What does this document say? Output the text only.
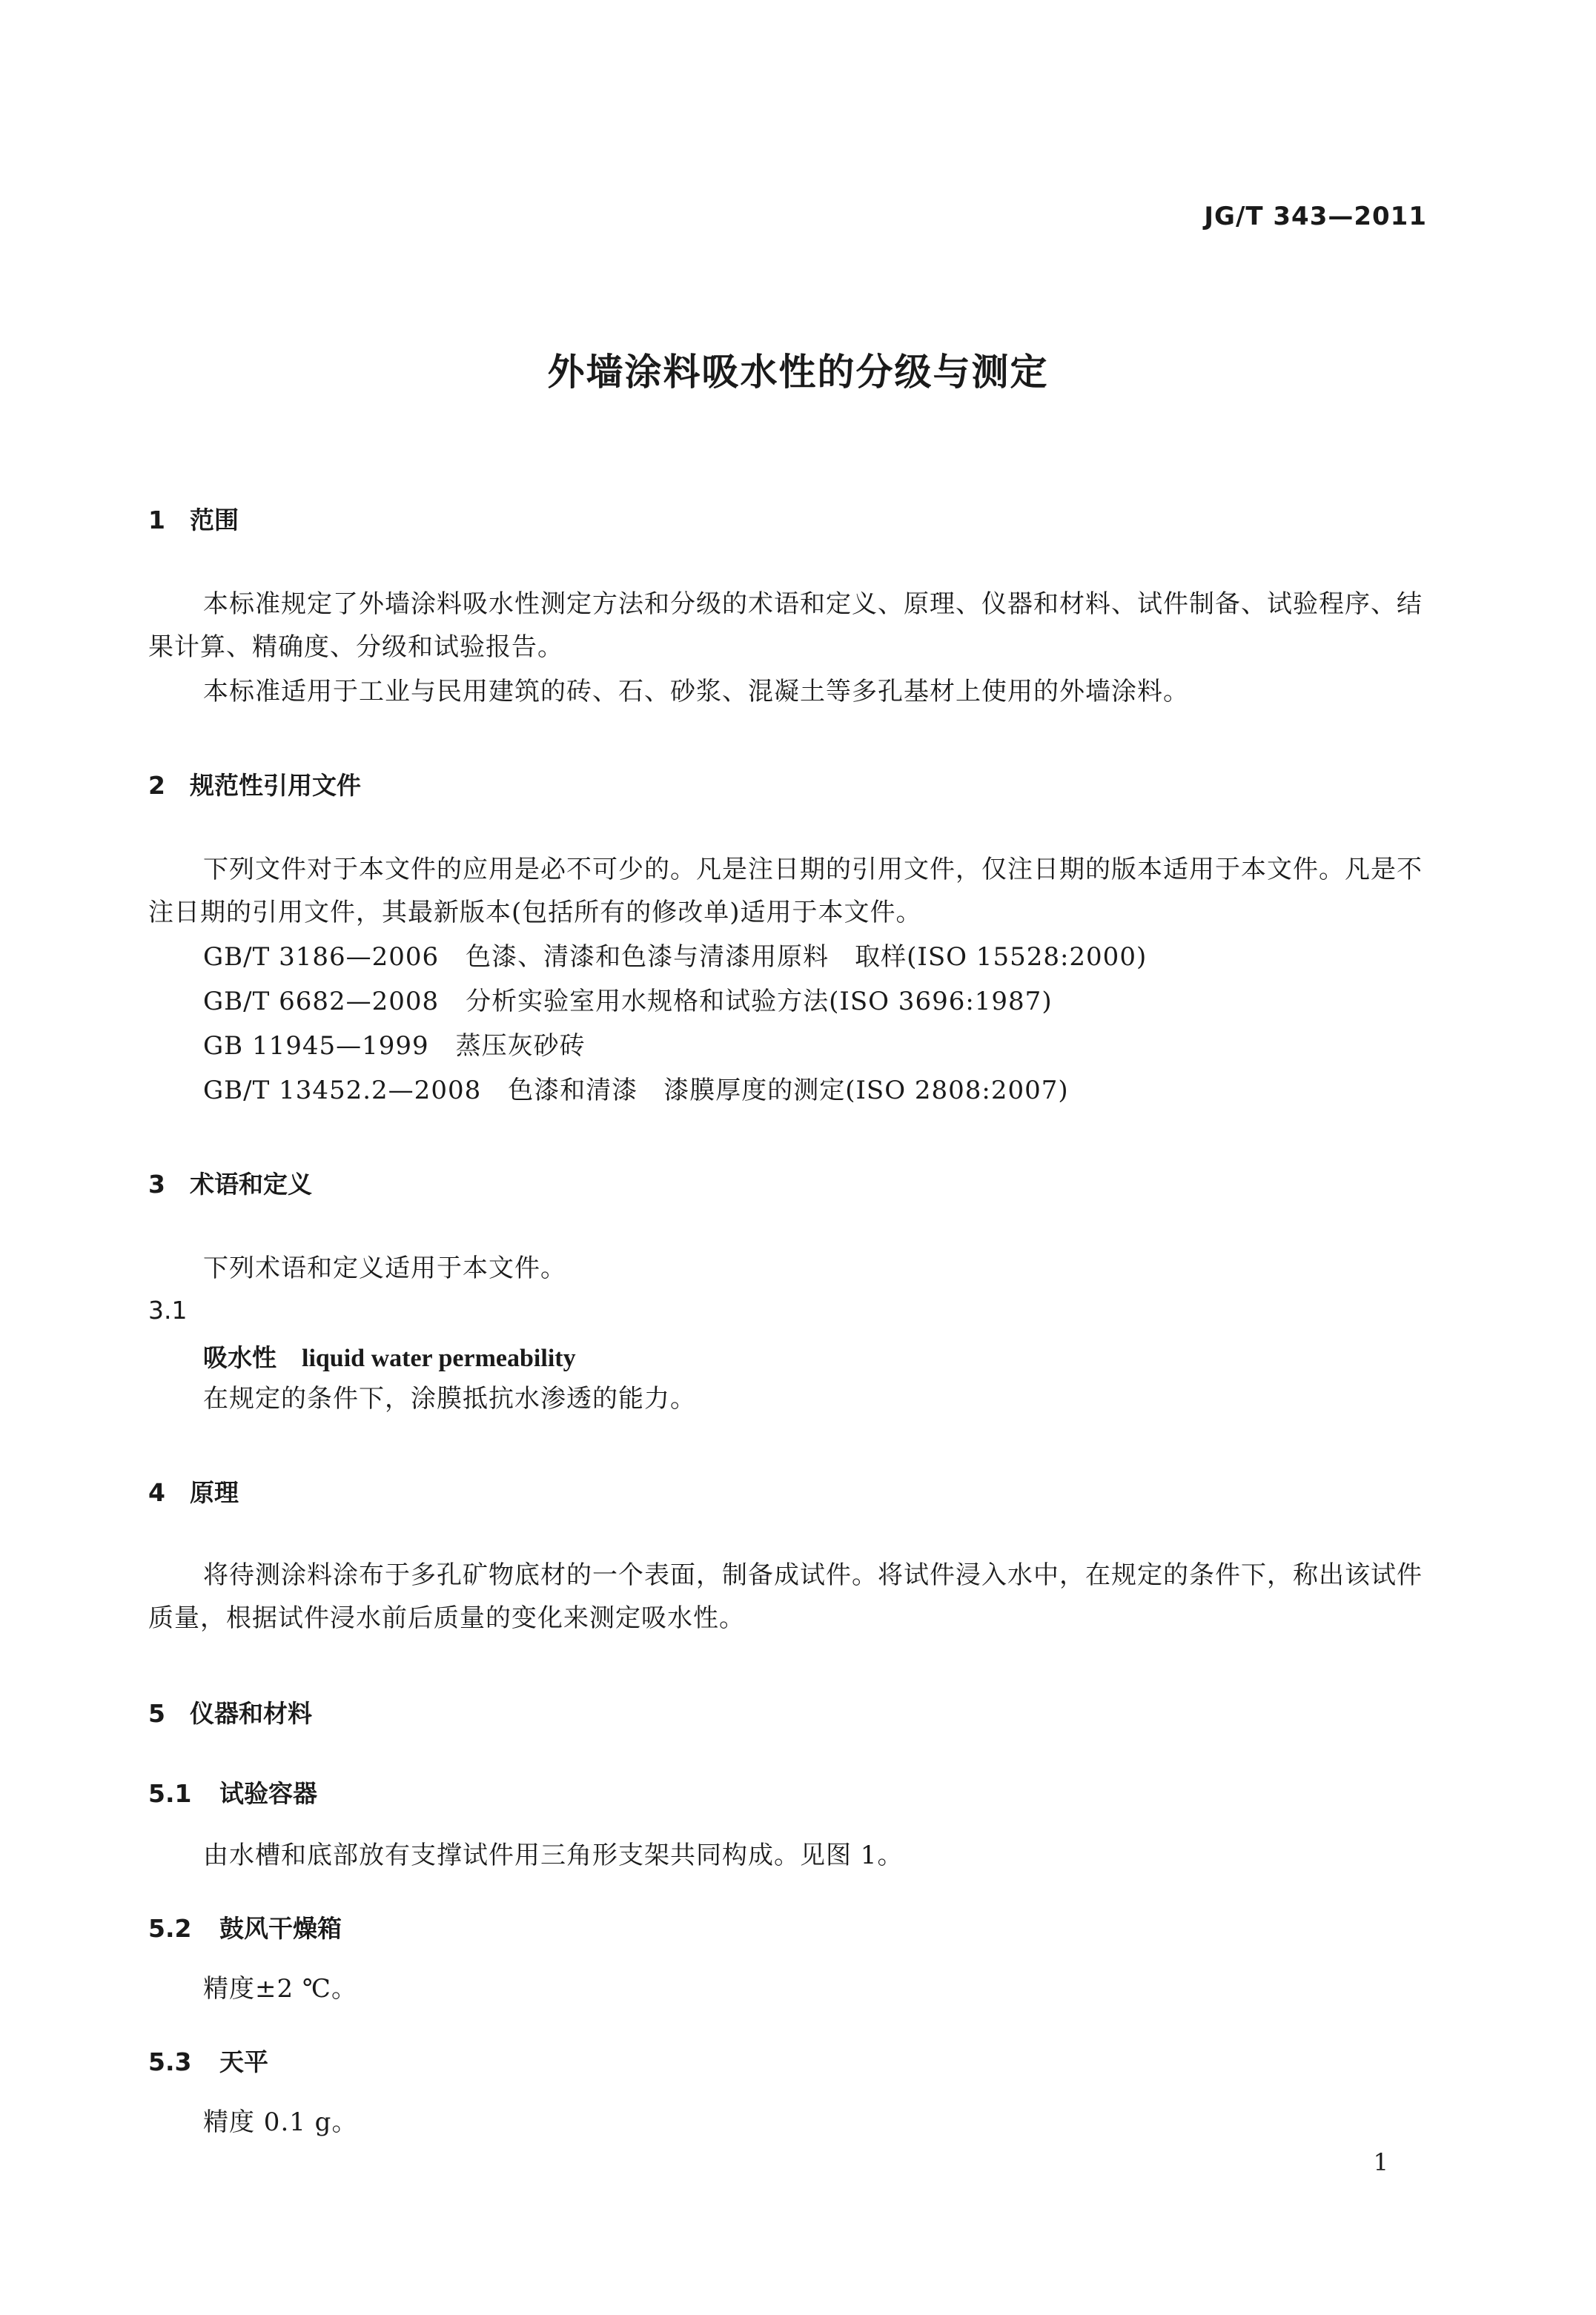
JG/T 343—2011
外墙涂料吸水性的分级与测定
1 范围
本标准规定了外墙涂料吸水性测定方法和分级的术语和定义、原理、仪器和材料、试件制备、试验程序、结果计算、精确度、分级和试验报告。
本标准适用于工业与民用建筑的砖、石、砂浆、混凝土等多孔基材上使用的外墙涂料。
2 规范性引用文件
下列文件对于本文件的应用是必不可少的。凡是注日期的引用文件，仅注日期的版本适用于本文件。凡是不注日期的引用文件，其最新版本(包括所有的修改单)适用于本文件。
GB/T 3186—2006 色漆、清漆和色漆与清漆用原料　取样(ISO 15528:2000)
GB/T 6682—2008 分析实验室用水规格和试验方法(ISO 3696:1987)
GB 11945—1999 蒸压灰砂砖
GB/T 13452.2—2008 色漆和清漆　漆膜厚度的测定(ISO 2808:2007)
3 术语和定义
下列术语和定义适用于本文件。
3.1
吸水性 liquid water permeability
在规定的条件下，涂膜抵抗水渗透的能力。
4 原理
将待测涂料涂布于多孔矿物底材的一个表面，制备成试件。将试件浸入水中，在规定的条件下，称出该试件质量，根据试件浸水前后质量的变化来测定吸水性。
5 仪器和材料
5.1 试验容器
由水槽和底部放有支撑试件用三角形支架共同构成。见图 1。
5.2 鼓风干燥箱
精度±2 ℃。
5.3 天平
精度 0.1 g。
1
